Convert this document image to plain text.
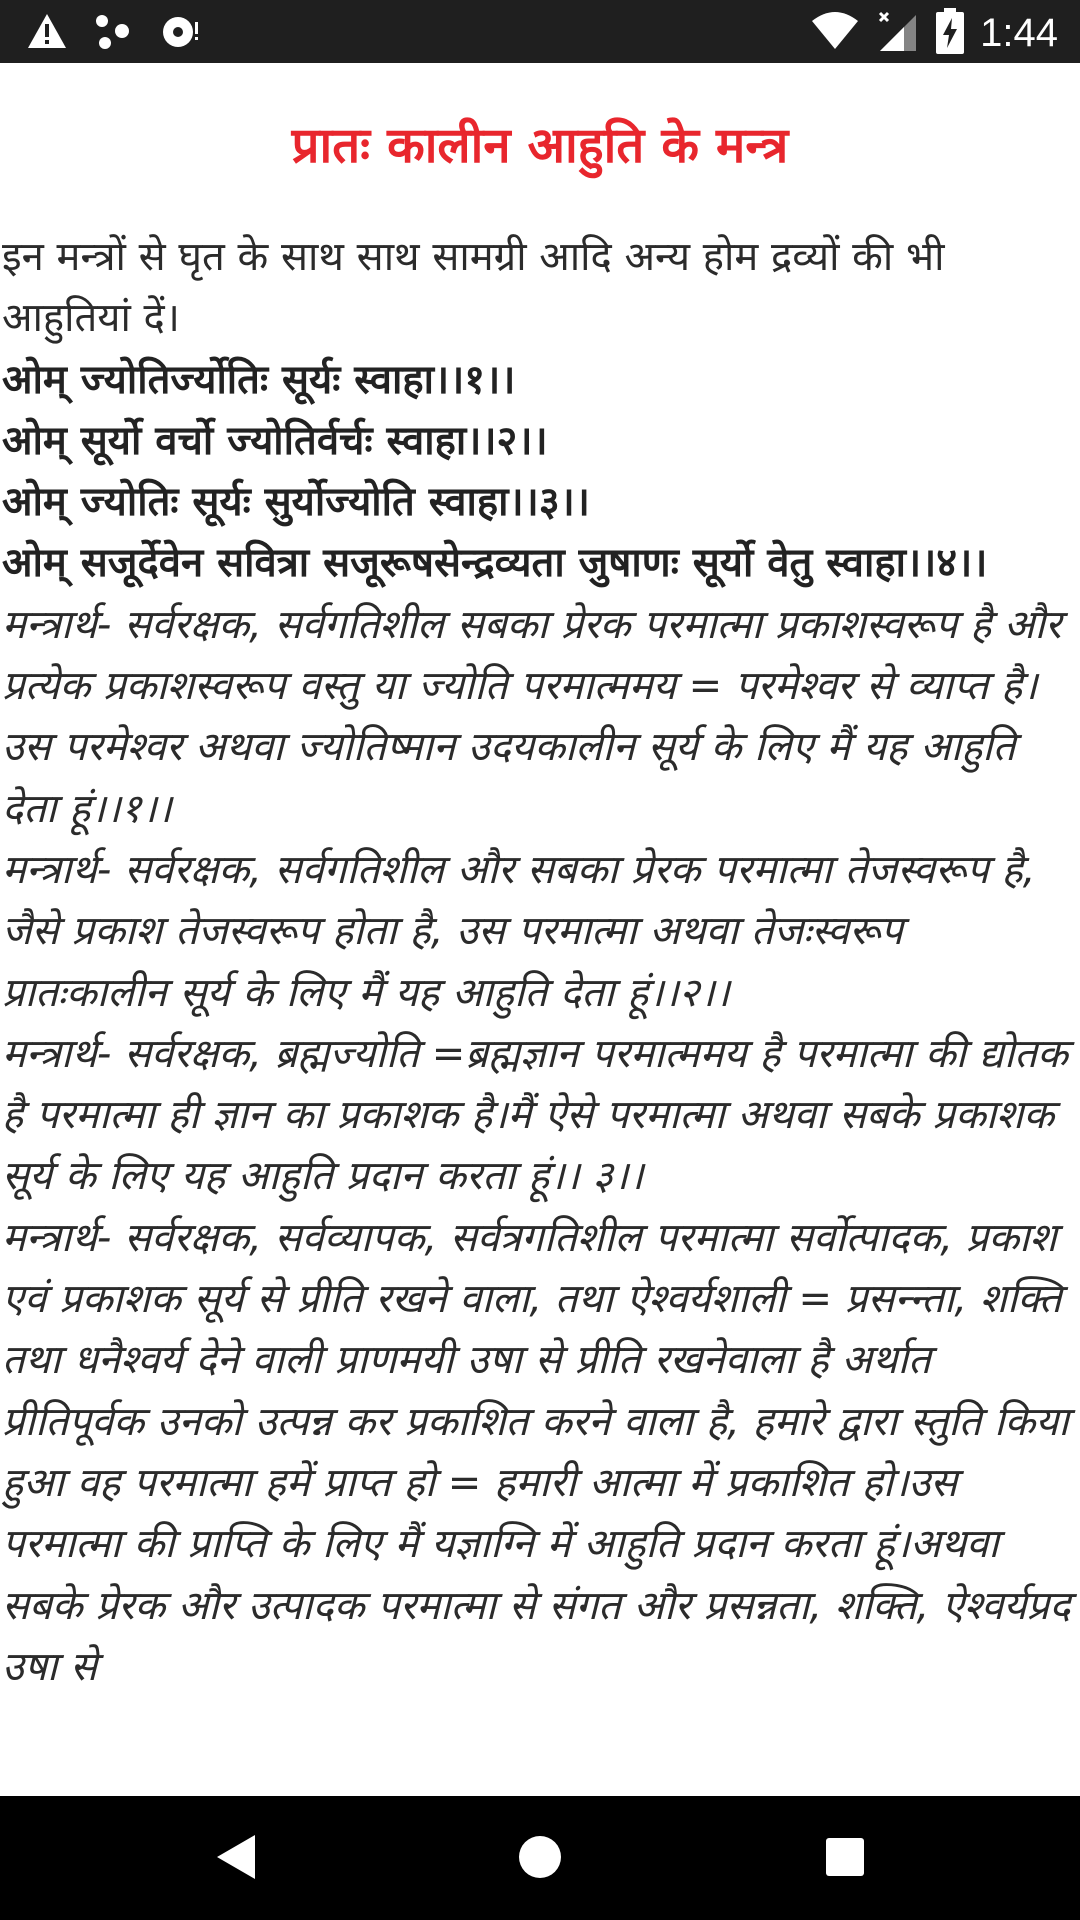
1:44
प्रातः कालीन आहुति के मन्त्र

इन मन्त्रों से घृत के साथ साथ सामग्री आदि अन्य होम द्रव्यों की भी आहुतियां दें।

ओम् ज्योतिर्ज्योतिः सूर्यः स्वाहा।।१।।

ओम् सूर्यो वर्चो ज्योतिर्वर्चः स्वाहा।।२।।

ओम् ज्योतिः सूर्यः सुर्योज्योति स्वाहा।।३।।

ओम् सजूर्देवेन सवित्रा सजूरूषसेन्द्रव्यता जुषाणः सूर्यो वेतु स्वाहा।।४।।

मन्त्रार्थ- सर्वरक्षक, सर्वगतिशील सबका प्रेरक परमात्मा प्रकाशस्वरूप है और प्रत्येक प्रकाशस्वरूप वस्तु या ज्योति परमात्ममय = परमेश्वर से व्याप्त है।उस परमेश्वर अथवा ज्योतिष्मान उदयकालीन सूर्य के लिए मैं यह आहुति देता हूं।।१।।

मन्त्रार्थ- सर्वरक्षक, सर्वगतिशील और सबका प्रेरक परमात्मा तेजस्वरूप है, जैसे प्रकाश तेजस्वरूप होता है, उस परमात्मा अथवा तेजःस्वरूप प्रातःकालीन सूर्य के लिए मैं यह आहुति देता हूं।।२।।

मन्त्रार्थ- सर्वरक्षक, ब्रह्मज्योति =ब्रह्मज्ञान परमात्ममय है परमात्मा की द्योतक है परमात्मा ही ज्ञान का प्रकाशक है।मैं ऐसे परमात्मा अथवा सबके प्रकाशक सूर्य के लिए यह आहुति प्रदान करता हूं।। ३।।

मन्त्रार्थ- सर्वरक्षक, सर्वव्यापक, सर्वत्रगतिशील परमात्मा सर्वोत्पादक, प्रकाश एवं प्रकाशक सूर्य से प्रीति रखने वाला, तथा ऐश्वर्यशाली = प्रसन्न्ता, शक्ति तथा धनैश्वर्य देने वाली प्राणमयी उषा से प्रीति रखनेवाला है अर्थात प्रीतिपूर्वक उनको उत्पन्न कर प्रकाशित करने वाला है, हमारे द्वारा स्तुति किया हुआ वह परमात्मा हमें प्राप्त हो = हमारी आत्मा में प्रकाशित हो।उस परमात्मा की प्राप्ति के लिए मैं यज्ञाग्नि में आहुति प्रदान करता हूं।अथवा सबके प्रेरक और उत्पादक परमात्मा से संगत और प्रसन्नता, शक्ति, ऐश्वर्यप्रद उषा से
